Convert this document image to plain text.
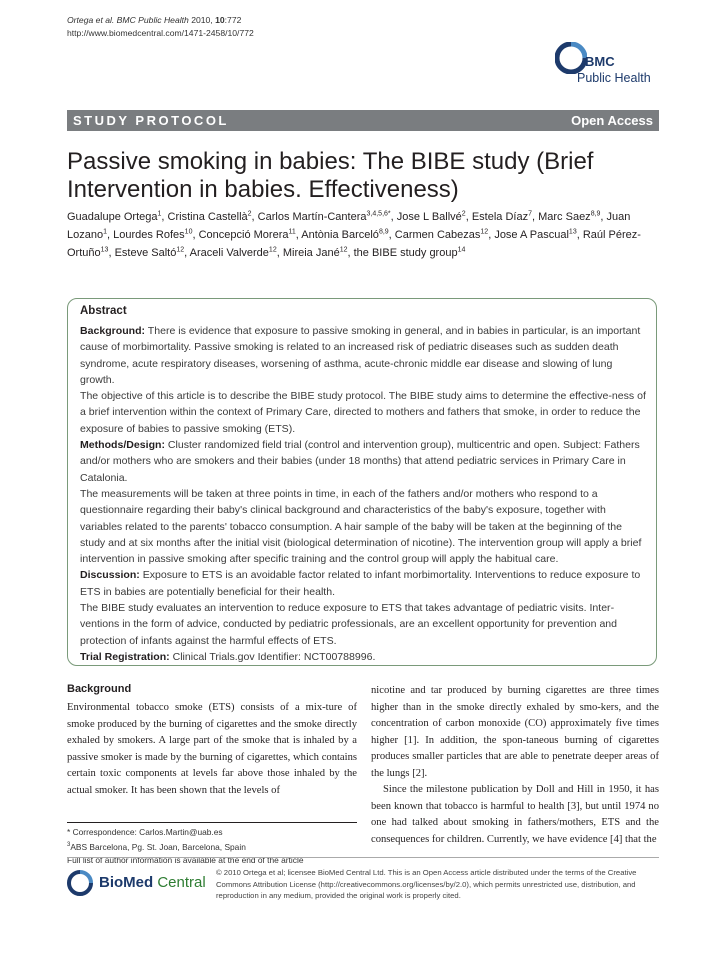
Ortega et al. BMC Public Health 2010, 10:772
http://www.biomedcentral.com/1471-2458/10/772
BMC
Public Health
STUDY PROTOCOL	Open Access
Passive smoking in babies: The BIBE study (Brief Intervention in babies. Effectiveness)
Guadalupe Ortega$^1$, Cristina Castellà$^2$, Carlos Martín-Cantera$^{3,4,5,6*}$, Jose L Ballvé$^2$, Estela Díaz$^7$, Marc Saez$^{8,9}$, Juan Lozano$^1$, Lourdes Rofes$^{10}$, Concepció Morera$^{11}$, Antònia Barceló$^{8,9}$, Carmen Cabezas$^{12}$, Jose A Pascual$^{13}$, Raúl Pérez-Ortuño$^{13}$, Esteve Saltó$^{12}$, Araceli Valverde$^{12}$, Mireia Jané$^{12}$, the BIBE study group$^{14}$
Abstract

Background: There is evidence that exposure to passive smoking in general, and in babies in particular, is an important cause of morbimortality. Passive smoking is related to an increased risk of pediatric diseases such as sudden death syndrome, acute respiratory diseases, worsening of asthma, acute-chronic middle ear disease and slowing of lung growth.

The objective of this article is to describe the BIBE study protocol. The BIBE study aims to determine the effective-ness of a brief intervention within the context of Primary Care, directed to mothers and fathers that smoke, in order to reduce the exposure of babies to passive smoking (ETS).

Methods/Design: Cluster randomized field trial (control and intervention group), multicentric and open. Subject: Fathers and/or mothers who are smokers and their babies (under 18 months) that attend pediatric services in Primary Care in Catalonia.

The measurements will be taken at three points in time, in each of the fathers and/or mothers who respond to a questionnaire regarding their baby's clinical background and characteristics of the baby's exposure, together with variables related to the parents' tobacco consumption. A hair sample of the baby will be taken at the beginning of the study and at six months after the initial visit (biological determination of nicotine). The intervention group will apply a brief intervention in passive smoking after specific training and the control group will apply the habitual care.

Discussion: Exposure to ETS is an avoidable factor related to infant morbimortality. Interventions to reduce exposure to ETS in babies are potentially beneficial for their health.

The BIBE study evaluates an intervention to reduce exposure to ETS that takes advantage of pediatric visits. Inter-ventions in the form of advice, conducted by pediatric professionals, are an excellent opportunity for prevention and protection of infants against the harmful effects of ETS.

Trial Registration: Clinical Trials.gov Identifier: NCT00788996.

Background

Environmental tobacco smoke (ETS) consists of a mix-ture of smoke produced by the burning of cigarettes and the smoke directly exhaled by smokers. A large part of the smoke that is inhaled by a passive smoker is made by the burning of cigarettes, which contains certain toxic components at levels far above those inhaled by the actual smoker. It has been shown that the levels of

nicotine and tar produced by burning cigarettes are three times higher than in the smoke directly exhaled by smo-kers, and the concentration of carbon monoxide (CO) approximately five times higher [1]. In addition, the spon-taneous burning of cigarettes produces smaller particles that are able to penetrate deeper areas of the lungs [2].

Since the milestone publication by Doll and Hill in 1950, it has been known that tobacco is harmful to health [3], but until 1974 no one had talked about smoking in fathers/mothers, ETS and the consequences for children. Currently, we have evidence [4] that the

* Correspondence: Carlos.Martin@uab.es
$^3$ABS Barcelona, Pg. St. Joan, Barcelona, Spain
Full list of author information is available at the end of the article
BioMed Central
© 2010 Ortega et al; licensee BioMed Central Ltd. This is an Open Access article distributed under the terms of the Creative Commons Attribution License (http://creativecommons.org/licenses/by/2.0), which permits unrestricted use, distribution, and reproduction in any medium, provided the original work is properly cited.
